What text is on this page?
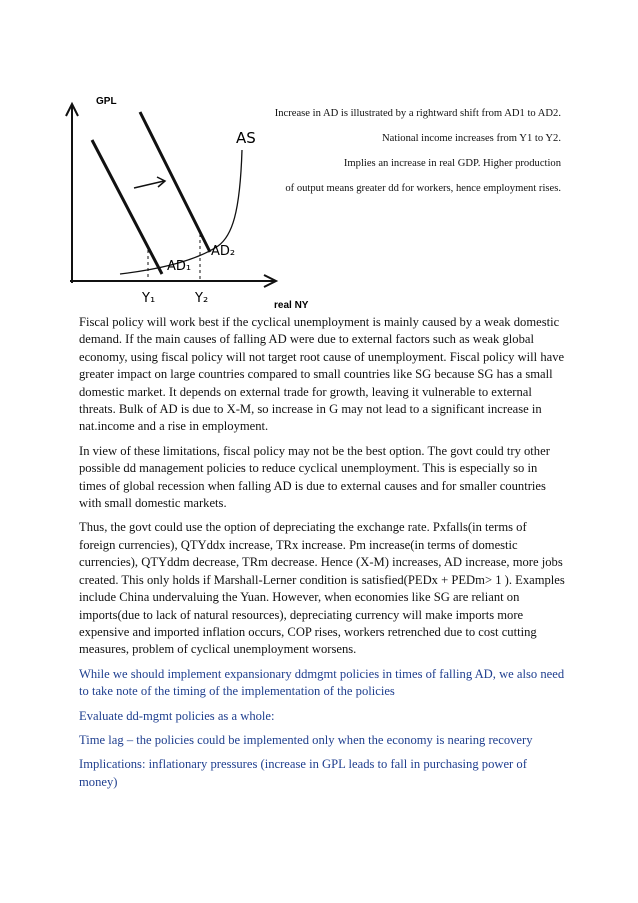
GPL
real NY
AS
AD₁
AD₂
Y₁	Y₂
Increase in AD is illustrated by a rightward shift from AD1 to AD2.
National income increases from Y1 to Y2.
Implies an increase in real GDP. Higher production
of output means greater dd for workers, hence employment rises.

Fiscal policy will work best if the cyclical unemployment is mainly caused by a weak domestic demand. If the main causes of falling AD were due to external factors such as weak global economy, using fiscal policy will not target root cause of unemployment. Fiscal policy will have greater impact on large countries compared to small countries like SG because SG has a small domestic market. It depends on external trade for growth, leaving it vulnerable to external threats. Bulk of AD is due to X-M, so increase in G may not lead to a significant increase in nat.income and a rise in employment.

In view of these limitations, fiscal policy may not be the best option. The govt could try other possible dd management policies to reduce cyclical unemployment. This is especially so in times of global recession when falling AD is due to external causes and for smaller countries with small domestic markets.

Thus, the govt could use the option of depreciating the exchange rate. Pxfalls(in terms of foreign currencies), QTYddx increase, TRx increase. Pm increase(in terms of domestic currencies), QTYddm decrease, TRm decrease. Hence (X-M) increases, AD increase, more jobs created. This only holds if Marshall-Lerner condition is satisfied(PEDx + PEDm> 1 ). Examples include China undervaluing the Yuan. However, when economies like SG are reliant on imports(due to lack of natural resources), depreciating currency will make imports more expensive and imported inflation occurs, COP rises, workers retrenched due to cost cutting measures, problem of cyclical unemployment worsens.

While we should implement expansionary ddmgmt policies in times of falling AD, we also need to take note of the timing of the implementation of the policies

Evaluate dd-mgmt policies as a whole:

Time lag – the policies could be implemented only when the economy is nearing recovery

Implications: inflationary pressures (increase in GPL leads to fall in purchasing power of money)
